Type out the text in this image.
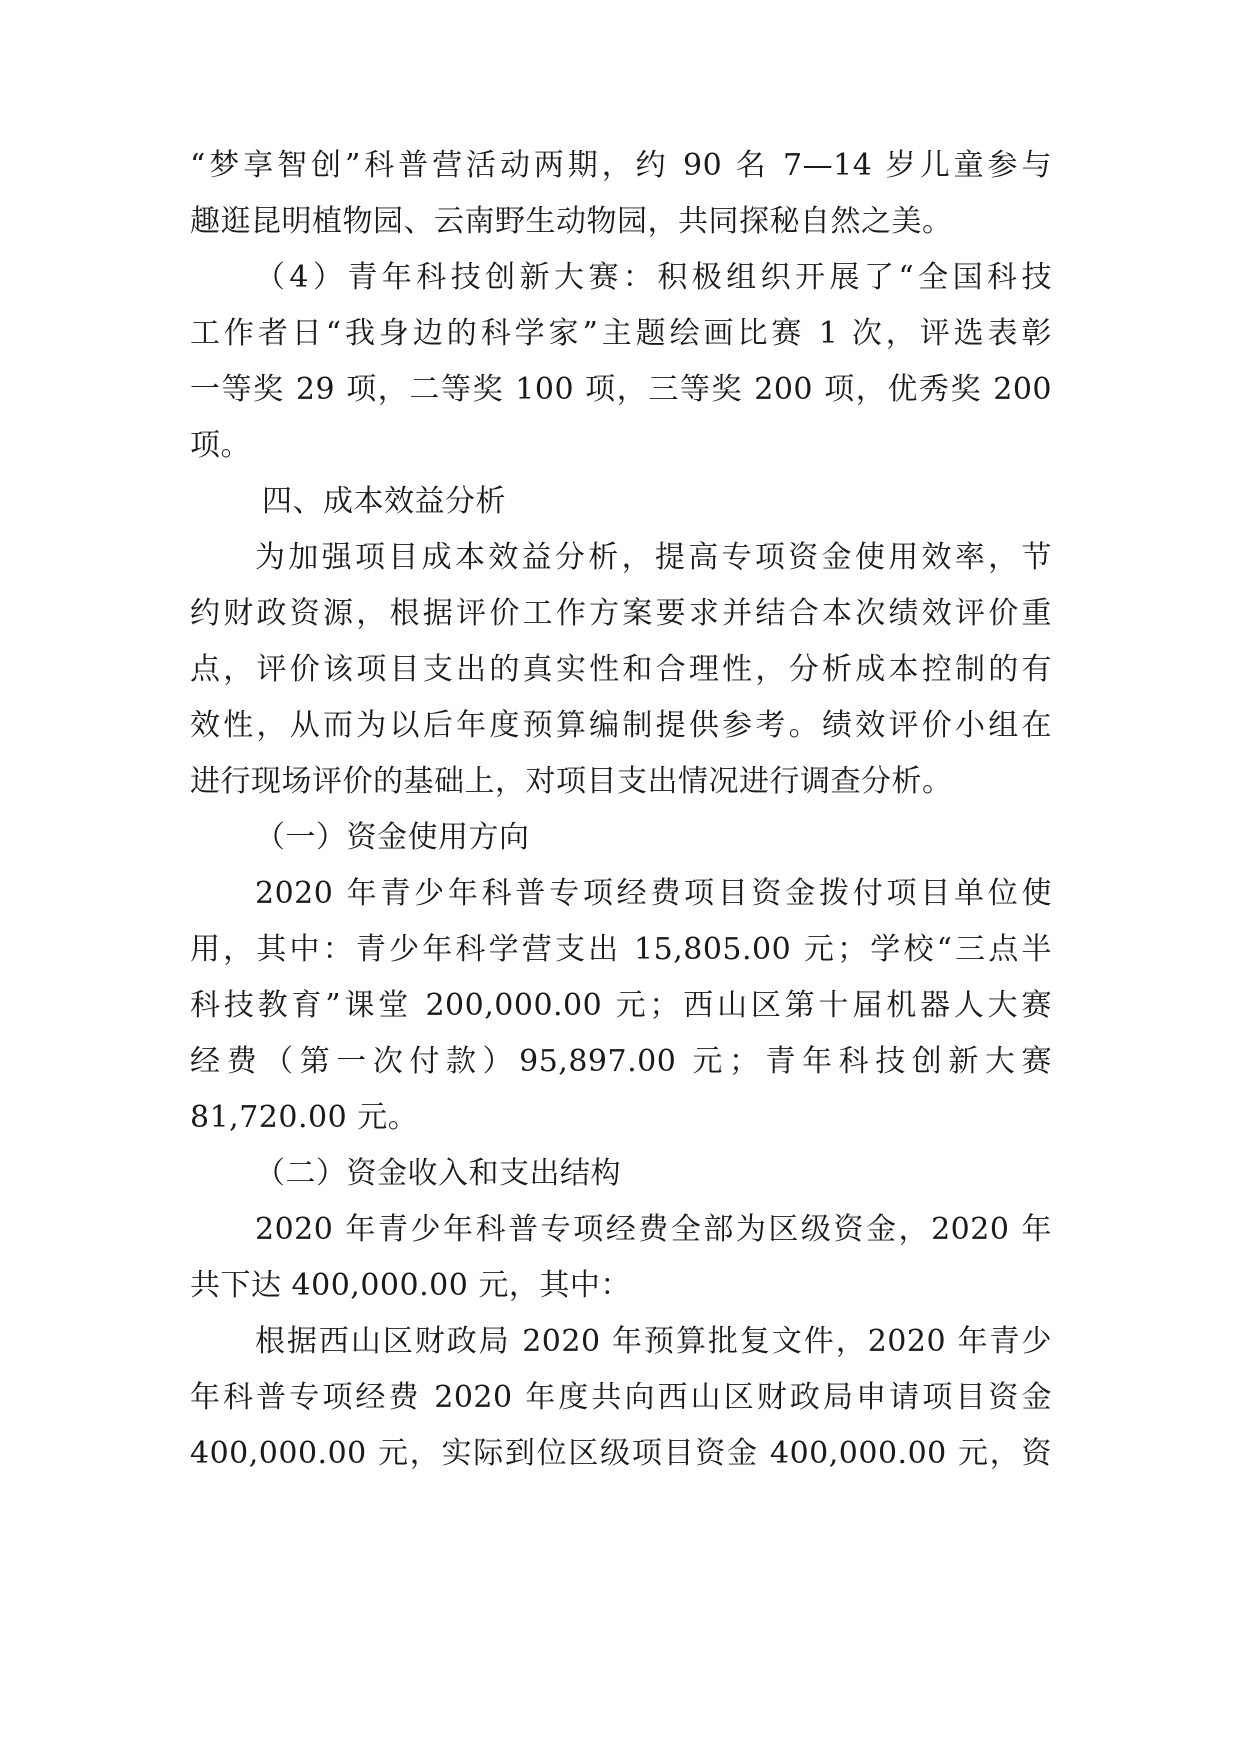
“梦享智创”科普营活动两期，约 90 名 7—14 岁儿童参与
趣逛昆明植物园、云南野生动物园，共同探秘自然之美。
（4）青年科技创新大赛：积极组织开展了“全国科技
工作者日“我身边的科学家”主题绘画比赛 1 次，评选表彰
一等奖 29 项，二等奖 100 项，三等奖 200 项，优秀奖 200
项。
四、成本效益分析
为加强项目成本效益分析，提高专项资金使用效率，节
约财政资源，根据评价工作方案要求并结合本次绩效评价重
点，评价该项目支出的真实性和合理性，分析成本控制的有
效性，从而为以后年度预算编制提供参考。绩效评价小组在
进行现场评价的基础上，对项目支出情况进行调查分析。
（一）资金使用方向
2020 年青少年科普专项经费项目资金拨付项目单位使
用，其中：青少年科学营支出 15,805.00 元；学校“三点半
科技教育”课堂 200,000.00 元；西山区第十届机器人大赛
经费（第一次付款）95,897.00 元；青年科技创新大赛
81,720.00 元。
（二）资金收入和支出结构
2020 年青少年科普专项经费全部为区级资金，2020 年
共下达 400,000.00 元，其中：
根据西山区财政局 2020 年预算批复文件，2020 年青少
年科普专项经费 2020 年度共向西山区财政局申请项目资金
400,000.00 元，实际到位区级项目资金 400,000.00 元，资
